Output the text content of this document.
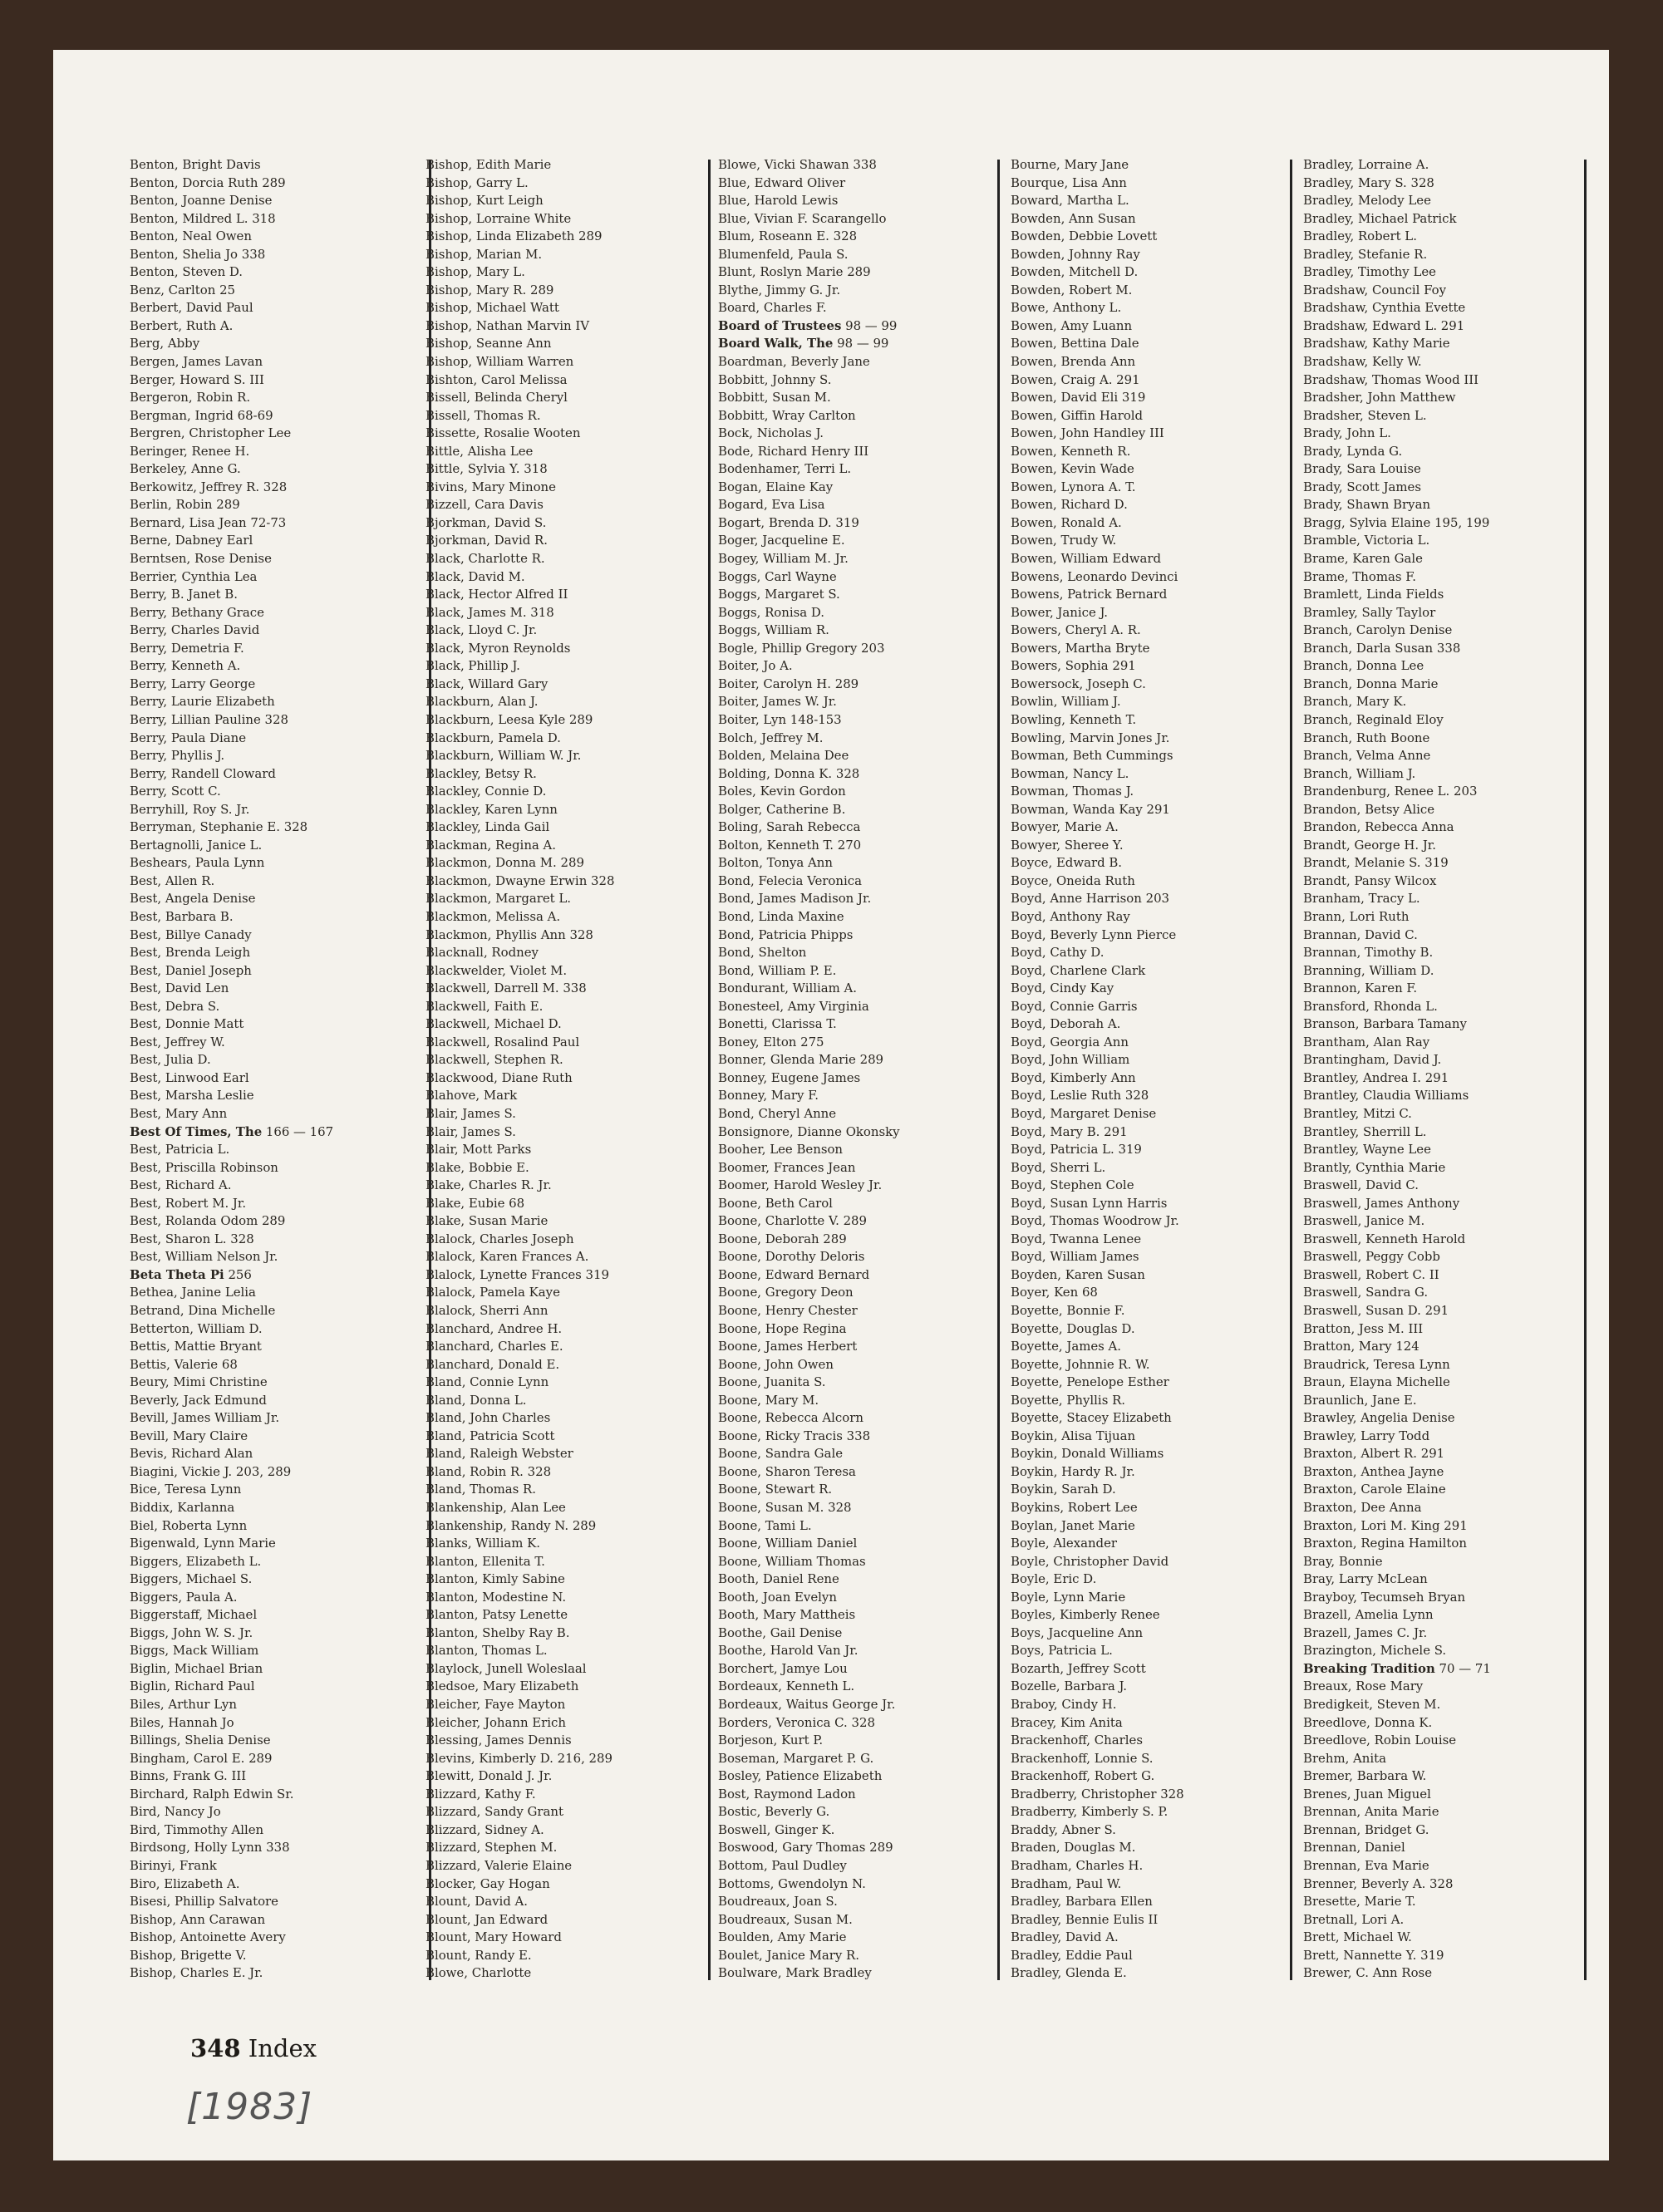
Benton, Bright Davis
Benton, Dorcia Ruth 289
Benton, Joanne Denise
Benton, Mildred L. 318
Benton, Neal Owen
Benton, Shelia Jo 338
Benton, Steven D.
Benz, Carlton 25
Berbert, David Paul
Berbert, Ruth A.
Berg, Abby
Bergen, James Lavan
Berger, Howard S. III
Bergeron, Robin R.
Bergman, Ingrid 68-69
Bergren, Christopher Lee
Beringer, Renee H.
Berkeley, Anne G.
Berkowitz, Jeffrey R. 328
Berlin, Robin 289
Bernard, Lisa Jean 72-73
Berne, Dabney Earl
Berntsen, Rose Denise
Berrier, Cynthia Lea
Berry, B. Janet B.
Berry, Bethany Grace
Berry, Charles David
Berry, Demetria F.
Berry, Kenneth A.
Berry, Larry George
Berry, Laurie Elizabeth
Berry, Lillian Pauline 328
Berry, Paula Diane
Berry, Phyllis J.
Berry, Randell Cloward
Berry, Scott C.
Berryhill, Roy S. Jr.
Berryman, Stephanie E. 328
Bertagnolli, Janice L.
Beshears, Paula Lynn
Best, Allen R.
Best, Angela Denise
Best, Barbara B.
Best, Billye Canady
Best, Brenda Leigh
Best, Daniel Joseph
Best, David Len
Best, Debra S.
Best, Donnie Matt
Best, Jeffrey W.
Best, Julia D.
Best, Linwood Earl
Best, Marsha Leslie
Best, Mary Ann
Best Of Times, The 166 — 167
Best, Patricia L.
Best, Priscilla Robinson
Best, Richard A.
Best, Robert M. Jr.
Best, Rolanda Odom 289
Best, Sharon L. 328
Best, William Nelson Jr.
Beta Theta Pi 256
Bethea, Janine Lelia
Betrand, Dina Michelle
Betterton, William D.
Bettis, Mattie Bryant
Bettis, Valerie 68
Beury, Mimi Christine
Beverly, Jack Edmund
Bevill, James William Jr.
Bevill, Mary Claire
Bevis, Richard Alan
Biagini, Vickie J. 203, 289
Bice, Teresa Lynn
Biddix, Karlanna
Biel, Roberta Lynn
Bigenwald, Lynn Marie
Biggers, Elizabeth L.
Biggers, Michael S.
Biggers, Paula A.
Biggerstaff, Michael
Biggs, John W. S. Jr.
Biggs, Mack William
Biglin, Michael Brian
Biglin, Richard Paul
Biles, Arthur Lyn
Biles, Hannah Jo
Billings, Shelia Denise
Bingham, Carol E. 289
Binns, Frank G. III
Birchard, Ralph Edwin Sr.
Bird, Nancy Jo
Bird, Timmothy Allen
Birdsong, Holly Lynn 338
Birinyi, Frank
Biro, Elizabeth A.
Bisesi, Phillip Salvatore
Bishop, Ann Carawan
Bishop, Antoinette Avery
Bishop, Brigette V.
Bishop, Charles E. Jr.
Bishop, Edith Marie
Bishop, Garry L.
Bishop, Kurt Leigh
Bishop, Lorraine White
Bishop, Linda Elizabeth 289
Bishop, Marian M.
Bishop, Mary L.
Bishop, Mary R. 289
Bishop, Michael Watt
Bishop, Nathan Marvin IV
Bishop, Seanne Ann
Bishop, William Warren
Bishton, Carol Melissa
Bissell, Belinda Cheryl
Bissell, Thomas R.
Bissette, Rosalie Wooten
Bittle, Alisha Lee
Bittle, Sylvia Y. 318
Bivins, Mary Minone
Bizzell, Cara Davis
Bjorkman, David S.
Bjorkman, David R.
Black, Charlotte R.
Black, David M.
Black, Hector Alfred II
Black, James M. 318
Black, Lloyd C. Jr.
Black, Myron Reynolds
Black, Phillip J.
Black, Willard Gary
Blackburn, Alan J.
Blackburn, Leesa Kyle 289
Blackburn, Pamela D.
Blackburn, William W. Jr.
Blackley, Betsy R.
Blackley, Connie D.
Blackley, Karen Lynn
Blackley, Linda Gail
Blackman, Regina A.
Blackmon, Donna M. 289
Blackmon, Dwayne Erwin 328
Blackmon, Margaret L.
Blackmon, Melissa A.
Blackmon, Phyllis Ann 328
Blacknall, Rodney
Blackwelder, Violet M.
Blackwell, Darrell M. 338
Blackwell, Faith E.
Blackwell, Michael D.
Blackwell, Rosalind Paul
Blackwell, Stephen R.
Blackwood, Diane Ruth
Blahove, Mark
Blair, James S.
Blair, James S.
Blair, Mott Parks
Blake, Bobbie E.
Blake, Charles R. Jr.
Blake, Eubie 68
Blake, Susan Marie
Blalock, Charles Joseph
Blalock, Karen Frances A.
Blalock, Lynette Frances 319
Blalock, Pamela Kaye
Blalock, Sherri Ann
Blanchard, Andree H.
Blanchard, Charles E.
Blanchard, Donald E.
Bland, Connie Lynn
Bland, Donna L.
Bland, John Charles
Bland, Patricia Scott
Bland, Raleigh Webster
Bland, Robin R. 328
Bland, Thomas R.
Blankenship, Alan Lee
Blankenship, Randy N. 289
Blanks, William K.
Blanton, Ellenita T.
Blanton, Kimly Sabine
Blanton, Modestine N.
Blanton, Patsy Lenette
Blanton, Shelby Ray B.
Blanton, Thomas L.
Blaylock, Junell Woleslaal
Bledsoe, Mary Elizabeth
Bleicher, Faye Mayton
Bleicher, Johann Erich
Blessing, James Dennis
Blevins, Kimberly D. 216, 289
Blewitt, Donald J. Jr.
Blizzard, Kathy F.
Blizzard, Sandy Grant
Blizzard, Sidney A.
Blizzard, Stephen M.
Blizzard, Valerie Elaine
Blocker, Gay Hogan
Blount, David A.
Blount, Jan Edward
Blount, Mary Howard
Blount, Randy E.
Blowe, Charlotte
Blowe, Vicki Shawan 338
Blue, Edward Oliver
Blue, Harold Lewis
Blue, Vivian F. Scarangello
Blum, Roseann E. 328
Blumenfeld, Paula S.
Blunt, Roslyn Marie 289
Blythe, Jimmy G. Jr.
Board, Charles F.
Board of Trustees 98 — 99
Board Walk, The 98 — 99
Boardman, Beverly Jane
Bobbitt, Johnny S.
Bobbitt, Susan M.
Bobbitt, Wray Carlton
Bock, Nicholas J.
Bode, Richard Henry III
Bodenhamer, Terri L.
Bogan, Elaine Kay
Bogard, Eva Lisa
Bogart, Brenda D. 319
Boger, Jacqueline E.
Bogey, William M. Jr.
Boggs, Carl Wayne
Boggs, Margaret S.
Boggs, Ronisa D.
Boggs, William R.
Bogle, Phillip Gregory 203
Boiter, Jo A.
Boiter, Carolyn H. 289
Boiter, James W. Jr.
Boiter, Lyn 148-153
Bolch, Jeffrey M.
Bolden, Melaina Dee
Bolding, Donna K. 328
Boles, Kevin Gordon
Bolger, Catherine B.
Boling, Sarah Rebecca
Bolton, Kenneth T. 270
Bolton, Tonya Ann
Bond, Felecia Veronica
Bond, James Madison Jr.
Bond, Linda Maxine
Bond, Patricia Phipps
Bond, Shelton
Bond, William P. E.
Bondurant, William A.
Bonesteel, Amy Virginia
Bonetti, Clarissa T.
Boney, Elton 275
Bonner, Glenda Marie 289
Bonney, Eugene James
Bonney, Mary F.
Bond, Cheryl Anne
Bonsignore, Dianne Okonsky
Booher, Lee Benson
Boomer, Frances Jean
Boomer, Harold Wesley Jr.
Boone, Beth Carol
Boone, Charlotte V. 289
Boone, Deborah 289
Boone, Dorothy Deloris
Boone, Edward Bernard
Boone, Gregory Deon
Boone, Henry Chester
Boone, Hope Regina
Boone, James Herbert
Boone, John Owen
Boone, Juanita S.
Boone, Mary M.
Boone, Rebecca Alcorn
Boone, Ricky Tracis 338
Boone, Sandra Gale
Boone, Sharon Teresa
Boone, Stewart R.
Boone, Susan M. 328
Boone, Tami L.
Boone, William Daniel
Boone, William Thomas
Booth, Daniel Rene
Booth, Joan Evelyn
Booth, Mary Mattheis
Boothe, Gail Denise
Boothe, Harold Van Jr.
Borchert, Jamye Lou
Bordeaux, Kenneth L.
Bordeaux, Waitus George Jr.
Borders, Veronica C. 328
Borjeson, Kurt P.
Boseman, Margaret P. G.
Bosley, Patience Elizabeth
Bost, Raymond Ladon
Bostic, Beverly G.
Boswell, Ginger K.
Boswood, Gary Thomas 289
Bottom, Paul Dudley
Bottoms, Gwendolyn N.
Boudreaux, Joan S.
Boudreaux, Susan M.
Boulden, Amy Marie
Boulet, Janice Mary R.
Boulware, Mark Bradley
Bourne, Mary Jane
Bourque, Lisa Ann
Boward, Martha L.
Bowden, Ann Susan
Bowden, Debbie Lovett
Bowden, Johnny Ray
Bowden, Mitchell D.
Bowden, Robert M.
Bowe, Anthony L.
Bowen, Amy Luann
Bowen, Bettina Dale
Bowen, Brenda Ann
Bowen, Craig A. 291
Bowen, David Eli 319
Bowen, Giffin Harold
Bowen, John Handley III
Bowen, Kenneth R.
Bowen, Kevin Wade
Bowen, Lynora A. T.
Bowen, Richard D.
Bowen, Ronald A.
Bowen, Trudy W.
Bowen, William Edward
Bowens, Leonardo Devinci
Bowens, Patrick Bernard
Bower, Janice J.
Bowers, Cheryl A. R.
Bowers, Martha Bryte
Bowers, Sophia 291
Bowersock, Joseph C.
Bowlin, William J.
Bowling, Kenneth T.
Bowling, Marvin Jones Jr.
Bowman, Beth Cummings
Bowman, Nancy L.
Bowman, Thomas J.
Bowman, Wanda Kay 291
Bowyer, Marie A.
Bowyer, Sheree Y.
Boyce, Edward B.
Boyce, Oneida Ruth
Boyd, Anne Harrison 203
Boyd, Anthony Ray
Boyd, Beverly Lynn Pierce
Boyd, Cathy D.
Boyd, Charlene Clark
Boyd, Cindy Kay
Boyd, Connie Garris
Boyd, Deborah A.
Boyd, Georgia Ann
Boyd, John William
Boyd, Kimberly Ann
Boyd, Leslie Ruth 328
Boyd, Margaret Denise
Boyd, Mary B. 291
Boyd, Patricia L. 319
Boyd, Sherri L.
Boyd, Stephen Cole
Boyd, Susan Lynn Harris
Boyd, Thomas Woodrow Jr.
Boyd, Twanna Lenee
Boyd, William James
Boyden, Karen Susan
Boyer, Ken 68
Boyette, Bonnie F.
Boyette, Douglas D.
Boyette, James A.
Boyette, Johnnie R. W.
Boyette, Penelope Esther
Boyette, Phyllis R.
Boyette, Stacey Elizabeth
Boykin, Alisa Tijuan
Boykin, Donald Williams
Boykin, Hardy R. Jr.
Boykin, Sarah D.
Boykins, Robert Lee
Boylan, Janet Marie
Boyle, Alexander
Boyle, Christopher David
Boyle, Eric D.
Boyle, Lynn Marie
Boyles, Kimberly Renee
Boys, Jacqueline Ann
Boys, Patricia L.
Bozarth, Jeffrey Scott
Bozelle, Barbara J.
Braboy, Cindy H.
Bracey, Kim Anita
Brackenhoff, Charles
Brackenhoff, Lonnie S.
Brackenhoff, Robert G.
Bradberry, Christopher 328
Bradberry, Kimberly S. P.
Braddy, Abner S.
Braden, Douglas M.
Bradham, Charles H.
Bradham, Paul W.
Bradley, Barbara Ellen
Bradley, Bennie Eulis II
Bradley, David A.
Bradley, Eddie Paul
Bradley, Glenda E.
Bradley, Lorraine A.
Bradley, Mary S. 328
Bradley, Melody Lee
Bradley, Michael Patrick
Bradley, Robert L.
Bradley, Stefanie R.
Bradley, Timothy Lee
Bradshaw, Council Foy
Bradshaw, Cynthia Evette
Bradshaw, Edward L. 291
Bradshaw, Kathy Marie
Bradshaw, Kelly W.
Bradshaw, Thomas Wood III
Bradsher, John Matthew
Bradsher, Steven L.
Brady, John L.
Brady, Lynda G.
Brady, Sara Louise
Brady, Scott James
Brady, Shawn Bryan
Bragg, Sylvia Elaine 195, 199
Bramble, Victoria L.
Brame, Karen Gale
Brame, Thomas F.
Bramlett, Linda Fields
Bramley, Sally Taylor
Branch, Carolyn Denise
Branch, Darla Susan 338
Branch, Donna Lee
Branch, Donna Marie
Branch, Mary K.
Branch, Reginald Eloy
Branch, Ruth Boone
Branch, Velma Anne
Branch, William J.
Brandenburg, Renee L. 203
Brandon, Betsy Alice
Brandon, Rebecca Anna
Brandt, George H. Jr.
Brandt, Melanie S. 319
Brandt, Pansy Wilcox
Branham, Tracy L.
Brann, Lori Ruth
Brannan, David C.
Brannan, Timothy B.
Branning, William D.
Brannon, Karen F.
Bransford, Rhonda L.
Branson, Barbara Tamany
Brantham, Alan Ray
Brantingham, David J.
Brantley, Andrea I. 291
Brantley, Claudia Williams
Brantley, Mitzi C.
Brantley, Sherrill L.
Brantley, Wayne Lee
Brantly, Cynthia Marie
Braswell, David C.
Braswell, James Anthony
Braswell, Janice M.
Braswell, Kenneth Harold
Braswell, Peggy Cobb
Braswell, Robert C. II
Braswell, Sandra G.
Braswell, Susan D. 291
Bratton, Jess M. III
Bratton, Mary 124
Braudrick, Teresa Lynn
Braun, Elayna Michelle
Braunlich, Jane E.
Brawley, Angelia Denise
Brawley, Larry Todd
Braxton, Albert R. 291
Braxton, Anthea Jayne
Braxton, Carole Elaine
Braxton, Dee Anna
Braxton, Lori M. King 291
Braxton, Regina Hamilton
Bray, Bonnie
Bray, Larry McLean
Brayboy, Tecumseh Bryan
Brazell, Amelia Lynn
Brazell, James C. Jr.
Brazington, Michele S.
Breaking Tradition 70 — 71
Breaux, Rose Mary
Bredigkeit, Steven M.
Breedlove, Donna K.
Breedlove, Robin Louise
Brehm, Anita
Bremer, Barbara W.
Brenes, Juan Miguel
Brennan, Anita Marie
Brennan, Bridget G.
Brennan, Daniel
Brennan, Eva Marie
Brenner, Beverly A. 328
Bresette, Marie T.
Bretnall, Lori A.
Brett, Michael W.
Brett, Nannette Y. 319
Brewer, C. Ann Rose
348 Index
[1983]
